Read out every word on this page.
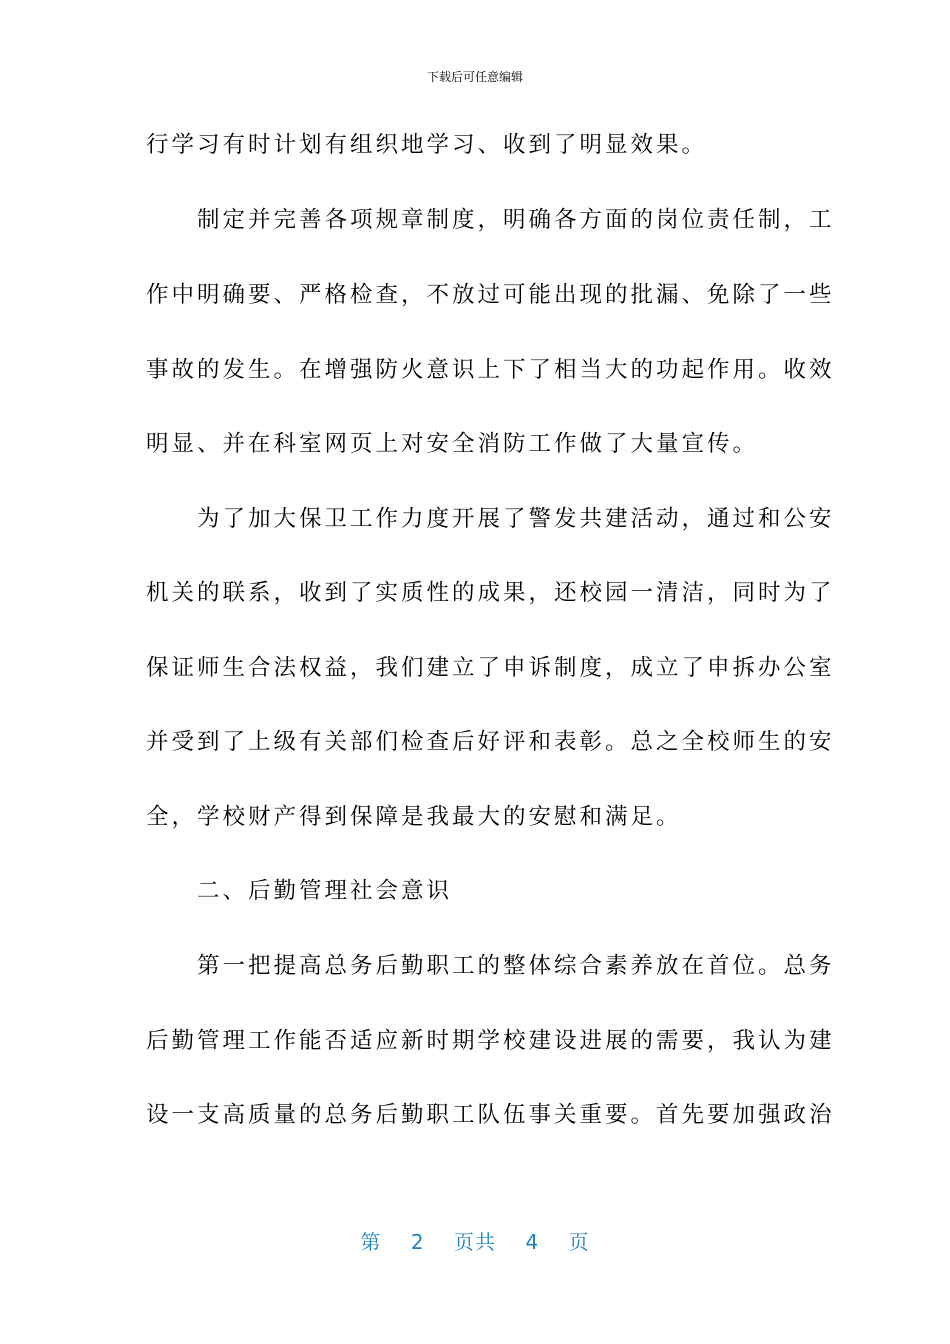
下载后可任意编辑
行学习有时计划有组织地学习、收到了明显效果。
　　制定并完善各项规章制度，明确各方面的岗位责任制，工
作中明确要、严格检查，不放过可能出现的批漏、免除了一些
事故的发生。在增强防火意识上下了相当大的功起作用。收效
明显、并在科室网页上对安全消防工作做了大量宣传。
　　为了加大保卫工作力度开展了警发共建活动，通过和公安
机关的联系，收到了实质性的成果，还校园一清洁，同时为了
保证师生合法权益，我们建立了申诉制度，成立了申拆办公室
并受到了上级有关部们检查后好评和表彰。总之全校师生的安
全，学校财产得到保障是我最大的安慰和满足。
　　二、后勤管理社会意识
　　第一把提高总务后勤职工的整体综合素养放在首位。总务
后勤管理工作能否适应新时期学校建设进展的需要，我认为建
设一支高质量的总务后勤职工队伍事关重要。首先要加强政治
第 2 页共 4 页
